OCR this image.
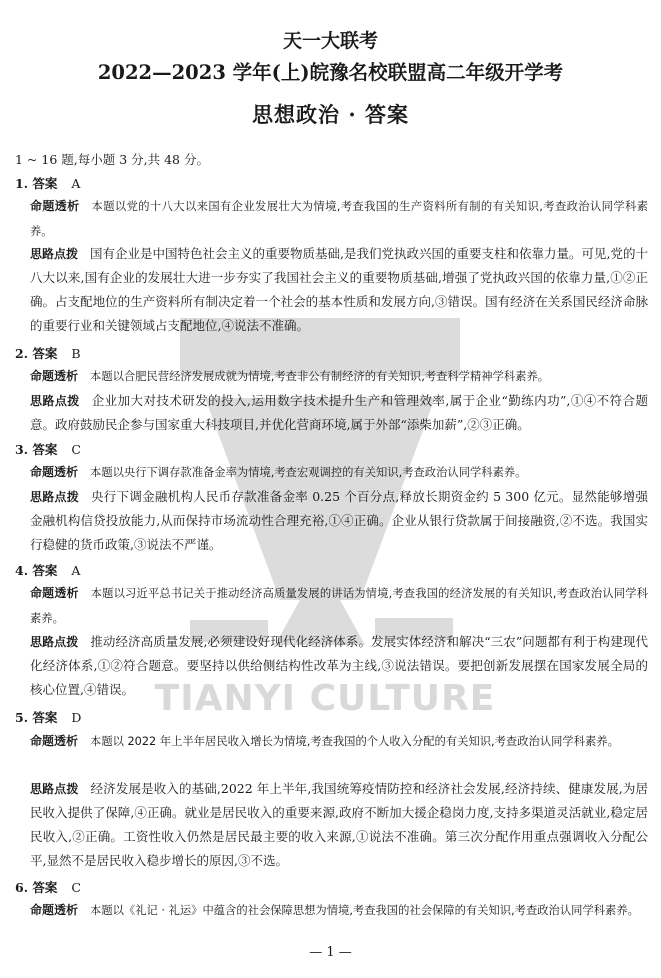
TIANYI CULTURE
天一大联考
2022—2023 学年(上)皖豫名校联盟高二年级开学考
思想政治 · 答案
1 ~ 16 题,每小题 3 分,共 48 分。
1. 答案 A
命题透析 本题以党的十八大以来国有企业发展壮大为情境,考查我国的生产资料所有制的有关知识,考查政治认同学科素养。
思路点拨 国有企业是中国特色社会主义的重要物质基础,是我们党执政兴国的重要支柱和依靠力量。可见,党的十八大以来,国有企业的发展壮大进一步夯实了我国社会主义的重要物质基础,增强了党执政兴国的依靠力量,①②正确。占支配地位的生产资料所有制决定着一个社会的基本性质和发展方向,③错误。国有经济在关系国民经济命脉的重要行业和关键领域占支配地位,④说法不准确。
2. 答案 B
命题透析 本题以合肥民营经济发展成就为情境,考查非公有制经济的有关知识,考查科学精神学科素养。
思路点拨 企业加大对技术研发的投入,运用数字技术提升生产和管理效率,属于企业“勤练内功”,①④不符合题意。政府鼓励民企参与国家重大科技项目,并优化营商环境,属于外部“添柴加薪”,②③正确。
3. 答案 C
命题透析 本题以央行下调存款准备金率为情境,考查宏观调控的有关知识,考查政治认同学科素养。
思路点拨 央行下调金融机构人民币存款准备金率 0.25 个百分点,释放长期资金约 5 300 亿元。显然能够增强金融机构信贷投放能力,从而保持市场流动性合理充裕,①④正确。企业从银行贷款属于间接融资,②不选。我国实行稳健的货币政策,③说法不严谨。
4. 答案 A
命题透析 本题以习近平总书记关于推动经济高质量发展的讲话为情境,考查我国的经济发展的有关知识,考查政治认同学科素养。
思路点拨 推动经济高质量发展,必须建设好现代化经济体系。发展实体经济和解决“三农”问题都有利于构建现代化经济体系,①②符合题意。要坚持以供给侧结构性改革为主线,③说法错误。要把创新发展摆在国家发展全局的核心位置,④错误。
5. 答案 D
命题透析 本题以 2022 年上半年居民收入增长为情境,考查我国的个人收入分配的有关知识,考查政治认同学科素养。
思路点拨 经济发展是收入的基础,2022 年上半年,我国统筹疫情防控和经济社会发展,经济持续、健康发展,为居民收入提供了保障,④正确。就业是居民收入的重要来源,政府不断加大援企稳岗力度,支持多渠道灵活就业,稳定居民收入,②正确。工资性收入仍然是居民最主要的收入来源,①说法不准确。第三次分配作用重点强调收入分配公平,显然不是居民收入稳步增长的原因,③不选。
6. 答案 C
命题透析 本题以《礼记 · 礼运》中蕴含的社会保障思想为情境,考查我国的社会保障的有关知识,考查政治认同学科素养。
— 1 —
